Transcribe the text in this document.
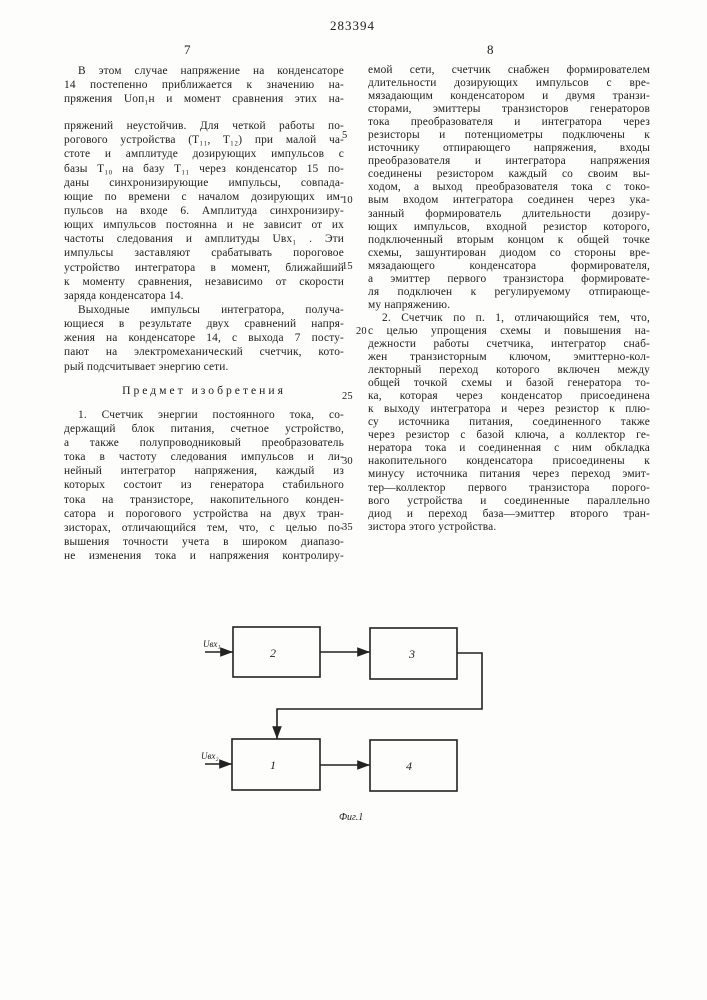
283394
7	8
В этом случае напряжение на конденсаторе
14 постепенно приближается к значению на-
пряжения Uоп₁н и момент сравнения этих на-
пряжений неустойчив. Для четкой работы по-
рогового устройства (T₁₁, T₁₂) при малой ча-
стоте и амплитуде дозирующих импульсов с
базы T₁₀ на базу T₁₁ через конденсатор 15 по-
даны синхронизирующие импульсы, совпада-
ющие по времени с началом дозирующих им-
пульсов на входе 6. Амплитуда синхронизиру-
ющих импульсов постоянна и не зависит от их
частоты следования и амплитуды Uвх₁ . Эти
импульсы заставляют срабатывать пороговое
устройство интегратора в момент, ближайший
к моменту сравнения, независимо от скорости
заряда конденсатора 14.
Выходные импульсы интегратора, получа-
ющиеся в результате двух сравнений напря-
жения на конденсаторе 14, с выхода 7 посту-
пают на электромеханический счетчик, кото-
рый подсчитывает энергию сети.
Предмет изобретения
1. Счетчик энергии постоянного тока, со-
держащий блок питания, счетное устройство,
а также полупроводниковый преобразователь
тока в частоту следования импульсов и ли-
нейный интегратор напряжения, каждый из
которых состоит из генератора стабильного
тока на транзисторе, накопительного конден-
сатора и порогового устройства на двух тран-
зисторах, отличающийся тем, что, с целью по-
вышения точности учета в широком диапазо-
не изменения тока и напряжения контролиру-
емой сети, счетчик снабжен формирователем
длительности дозирующих импульсов с вре-
мязадающим конденсатором и двумя транзи-
сторами, эмиттеры транзисторов генераторов
тока преобразователя и интегратора через
5	резисторы и потенциометры подключены к
источнику отпирающего напряжения, входы
преобразователя и интегратора напряжения
соединены резистором каждый со своим вы-
ходом, а выход преобразователя тока с токо-
10	вым входом интегратора соединен через ука-
занный формирователь длительности дозиру-
ющих импульсов, входной резистор которого,
подключенный вторым концом к общей точке
схемы, зашунтирован диодом со стороны вре-
15	мязадающего конденсатора формирователя,
а эмиттер первого транзистора формировате-
ля подключен к регулируемому отпирающе-
му напряжению.
2. Счетчик по п. 1, отличающийся тем, что,
20 с целью упрощения схемы и повышения на-
дежности работы счетчика, интегратор снаб-
жен транзисторным ключом, эмиттерно-кол-
лекторный переход которого включен между
общей точкой схемы и базой генератора то-
25	ка, которая через конденсатор присоединена
к выходу интегратора и через резистор к плю-
су источника питания, соединенного также
через резистор с базой ключа, а коллектор ге-
нератора тока и соединенная с ним обкладка
30	накопительного конденсатора присоединены к
минусу источника питания через переход эмит-
тер—коллектор первого транзистора порого-
вого устройства и соединенные параллельно
диод и переход база—эмиттер второго тран-
35	зистора этого устройства.
2	3
1	4
Uвх₁
Uвх₂
Фиг.1
